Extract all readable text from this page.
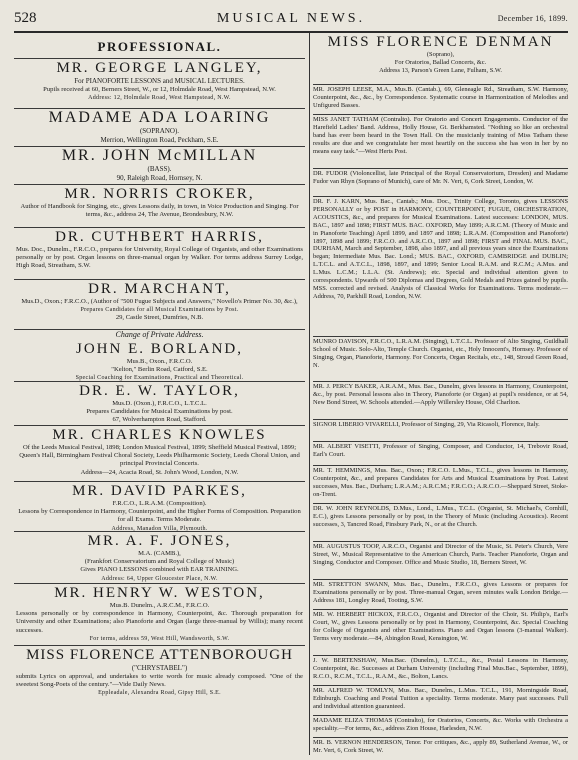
528	MUSICAL NEWS.	December 16, 1899.
PROFESSIONAL.
MR. GEORGE LANGLEY,
For PIANOFORTE LESSONS and MUSICAL LECTURES.
Pupils received at 60, Berners Street, W., or 12, Holmdale Road, West Hampstead, N.W.
Address: 12, Holmdale Road, West Hampstead, N.W.
MADAME ADA LOARING
(SOPRANO).
Merrion, Wellington Road, Peckham, S.E.
MR. JOHN McMILLAN
(BASS).
90, Raleigh Road, Hornsey, N.
MR. NORRIS CROKER,
Author of Handbook for Singing, etc., gives Lessons daily, in town, in Voice Production and Singing. For terms, &c., address 24, The Avenue, Brondesbury, N.W.
DR. CUTHBERT HARRIS,
Mus. Doc., Dunelm., F.R.C.O., prepares for University, Royal College of Organists, and other Examinations personally or by post. Organ lessons on three-manual organ by Walker. For terms address Surrey Lodge, High Road, Streatham, S.W.
DR. MARCHANT,
Mus.D., Oxon.; F.R.C.O., (Author of "500 Fugue Subjects and Answers," Novello's Primer No. 30, &c.),
Prepares Candidates for all Musical Examinations by Post.
29, Castle Street, Dumfries, N.B.
Change of Private Address.
JOHN E. BORLAND,
Mus.B., Oxon., F.R.C.O.
"Kelton," Berlin Road, Catford, S.E.
Special Coaching for Examinations, Practical and Theoretical.
DR. E. W. TAYLOR,
Mus.D. (Oxon.), F.R.C.O., L.T.C.L.
Prepares Candidates for Musical Examinations by post.
67, Wolverhampton Road, Stafford.
MR. CHARLES KNOWLES
Of the Leeds Musical Festival, 1898; London Musical Festival, 1899; Sheffield Musical Festival, 1899;
Queen's Hall, Birmingham Festival Choral Society, Leeds Philharmonic Society, Leeds Choral Union, and principal Provincial Concerts.
Address—24, Acacia Road, St. John's Wood, London, N.W.
MR. DAVID PARKES,
F.R.C.O., L.R.A.M. (Composition).
Lessons by Correspondence in Harmony, Counterpoint, and the Higher Forms of Composition. Preparation for all Exams. Terms Moderate.
Address, Manadon Villa, Plymouth.
MR. A. F. JONES,
M.A. (CAMB.),
(Frankfort Conservatorium and Royal College of Music)
Gives PIANO LESSONS combined with EAR TRAINING.
Address: 64, Upper Gloucester Place, N.W.
MR. HENRY W. WESTON,
Mus.B. Dunelm., A.R.C.M., F.R.C.O.
Lessons personally or by correspondence in Harmony, Counterpoint, &c. Thorough preparation for University and other Examinations; also Pianoforte and Organ (large three-manual by Willis); many recent successes.
For terms, address 59, West Hill, Wandsworth, S.W.
MISS FLORENCE ATTENBOROUGH
("CHRYSTABEL")
submits Lyrics on approval, and undertakes to write words for music already composed. "One of the sweetest Song-Poets of the century."—Vide Daily News.
Eppleadale, Alexandra Road, Gipsy Hill, S.E.
MISS FLORENCE DENMAN
(Soprano),
For Oratorios, Ballad Concerts, &c.
Address 13, Parson's Green Lane, Fulham, S.W.
MR. JOSEPH LEESE, M.A., Mus.B. (Cantab.), 69, Gleneagle Rd., Streatham, S.W. Harmony, Counterpoint, &c., &c., by Correspondence. Systematic course in Harmonization of Melodies and Unfigured Basses.
MISS JANET TATHAM (Contralto). For Oratorio and Concert Engagements. Conductor of the Harefield Ladies' Band. Address, Holly House, Gt. Berkhamsted. "Nothing so like an orchestral band has ever been heard in the Town Hall. On the musicianly training of Miss Tatham these results are due and we congratulate her most heartily on the success she has won in her by no means easy task."—West Herts Post.
DR. FUDOR (Violoncellist, late Principal of the Royal Conservatorium, Dresden) and Madame Fudor van Rhyn (Soprano of Munich), care of Mr. N. Vert, 6, Cork Street, London, W.
DR. F. J. KARN, Mus. Bac., Cantab.; Mus. Doc., Trinity College, Toronto, gives LESSONS PERSONALLY or by POST in HARMONY, COUNTERPOINT, FUGUE, ORCHESTRATION, ACOUSTICS, &c., and prepares for Musical Examinations. Latest successes: LONDON, MUS. BAC., 1897 and 1898; FIRST MUS. BAC. OXFORD, May 1899; A.R.C.M. (Theory of Music and in Pianoforte Teaching) April 1899, and 1897 and 1898; L.R.A.M. (Composition and Pianoforte) 1897, 1898 and 1899; F.R.C.O. and A.R.C.O., 1897 and 1898; FIRST and FINAL MUS. BAC., DURHAM, March and September, 1898, also 1897, and all previous years since the Examinations began; Intermediate Mus. Bac. Lond.; MUS. BAC., OXFORD, CAMBRIDGE and DUBLIN; L.T.C.L. and A.T.C.L., 1898, 1897, and 1899; Senior Local R.A.M. and R.C.M.; A.Mus. and L.Mus. L.C.M.; L.L.A. (St. Andrews); etc. Special and individual attention given to correspondents. Upwards of 500 Diplomas and Degrees, Gold Medals and Prizes gained by pupils. MSS. corrected and revised. Analysis of Classical Works for Examinations. Terms moderate.—Address, 70, Parkhill Road, London, N.W.
MUNRO DAVISON, F.R.C.O., L.R.A.M. (Singing), L.T.C.L. Professor of Alto Singing, Guildhall School of Music. Solo-Alto, Temple Church. Organist, etc., Holy Innocent's, Hornsey. Professor of Singing, Organ, Pianoforte, Harmony. For Concerts, Organ Recitals, etc., 148, Stroud Green Road, N.
MR. J. PERCY BAKER, A.R.A.M., Mus. Bac., Dunelm, gives lessons in Harmony, Counterpoint, &c., by post. Personal lessons also in Theory, Pianoforte (or Organ) at pupil's residence, or at 54, New Bond Street, W. Schools attended.—Apply Willersley House, Old Charlton.
SIGNOR LIBERIO VIVARELLI, Professor of Singing, 29, Via Ricasoli, Florence, Italy.
MR. ALBERT VISETTI, Professor of Singing, Composer, and Conductor, 14, Trebovir Road, Earl's Court.
MR. T. HEMMINGS, Mus. Bac., Oxon.; F.R.C.O. L.Mus., T.C.L., gives lessons in Harmony, Counterpoint, &c., and prepares Candidates for Arts and Musical Examinations by Post. Latest successes, Mus. Bac., Durham; L.R.A.M.; A.R.C.M.; F.R.C.O.; A.R.C.O.—Sheppard Street, Stoke-on-Trent.
DR. W. JOHN REYNOLDS, D.Mus., Lond., L.Mus., T.C.L. (Organist, St. Michael's, Cornhill, E.C.), gives Lessons personally or by post, in the Theory of Music (including Acoustics). Recent successes, 3, Tancred Road, Finsbury Park, N., or at the Church.
MR. AUGUSTUS TOOP, A.R.C.O., Organist and Director of the Music, St. Peter's Church, Vere Street, W., Musical Representative to the American Church, Paris. Teacher Pianoforte, Organ and Singing, Conductor and Composer. Office and Music Studio, 18, Berners Street, W.
MR. STRETTON SWANN, Mus. Bac., Dunelm., F.R.C.O., gives Lessons or prepares for Examinations personally or by post. Three-manual Organ, seven minutes walk London Bridge.—Address 181, Longley Road, Tooting, S.W.
MR. W. HERBERT HICKOX, F.R.C.O., Organist and Director of the Choir, St. Philip's, Earl's Court, W., gives Lessons personally or by post in Harmony, Counterpoint, &c. Special Coaching for College of Organists and other Examinations. Piano and Organ lessons (3-manual Walker). Terms very moderate.—84, Abingdon Road, Kensington, W.
J. W. BERTENSHAW, Mus.Bac. (Dunelm.), L.T.C.L., &c., Postal Lessons in Harmony, Counterpoint, &c. Successes at Durham University (including Final Mus.Bac., September, 1899), R.C.O., R.C.M., T.C.L., R.A.M., &c., Bolton, Lancs.
MR. ALFRED W. TOMLYN, Mus. Bac., Dunelm., L.Mus. T.C.L., 191, Morningside Road, Edinburgh. Coaching and Postal Tuition a speciality. Terms moderate. Many past successes. Full and individual attention guaranteed.
MADAME ELIZA THOMAS (Contralto), for Oratorios, Concerts, &c. Works with Orchestra a speciality.—For terms, &c., address Zion House, Harlesden, N.W.
MR. B. VERNON HENDERSON, Tenor. For critiques, &c., apply 89, Sutherland Avenue, W., or Mr. Vert, 6, Cork Street, W.
